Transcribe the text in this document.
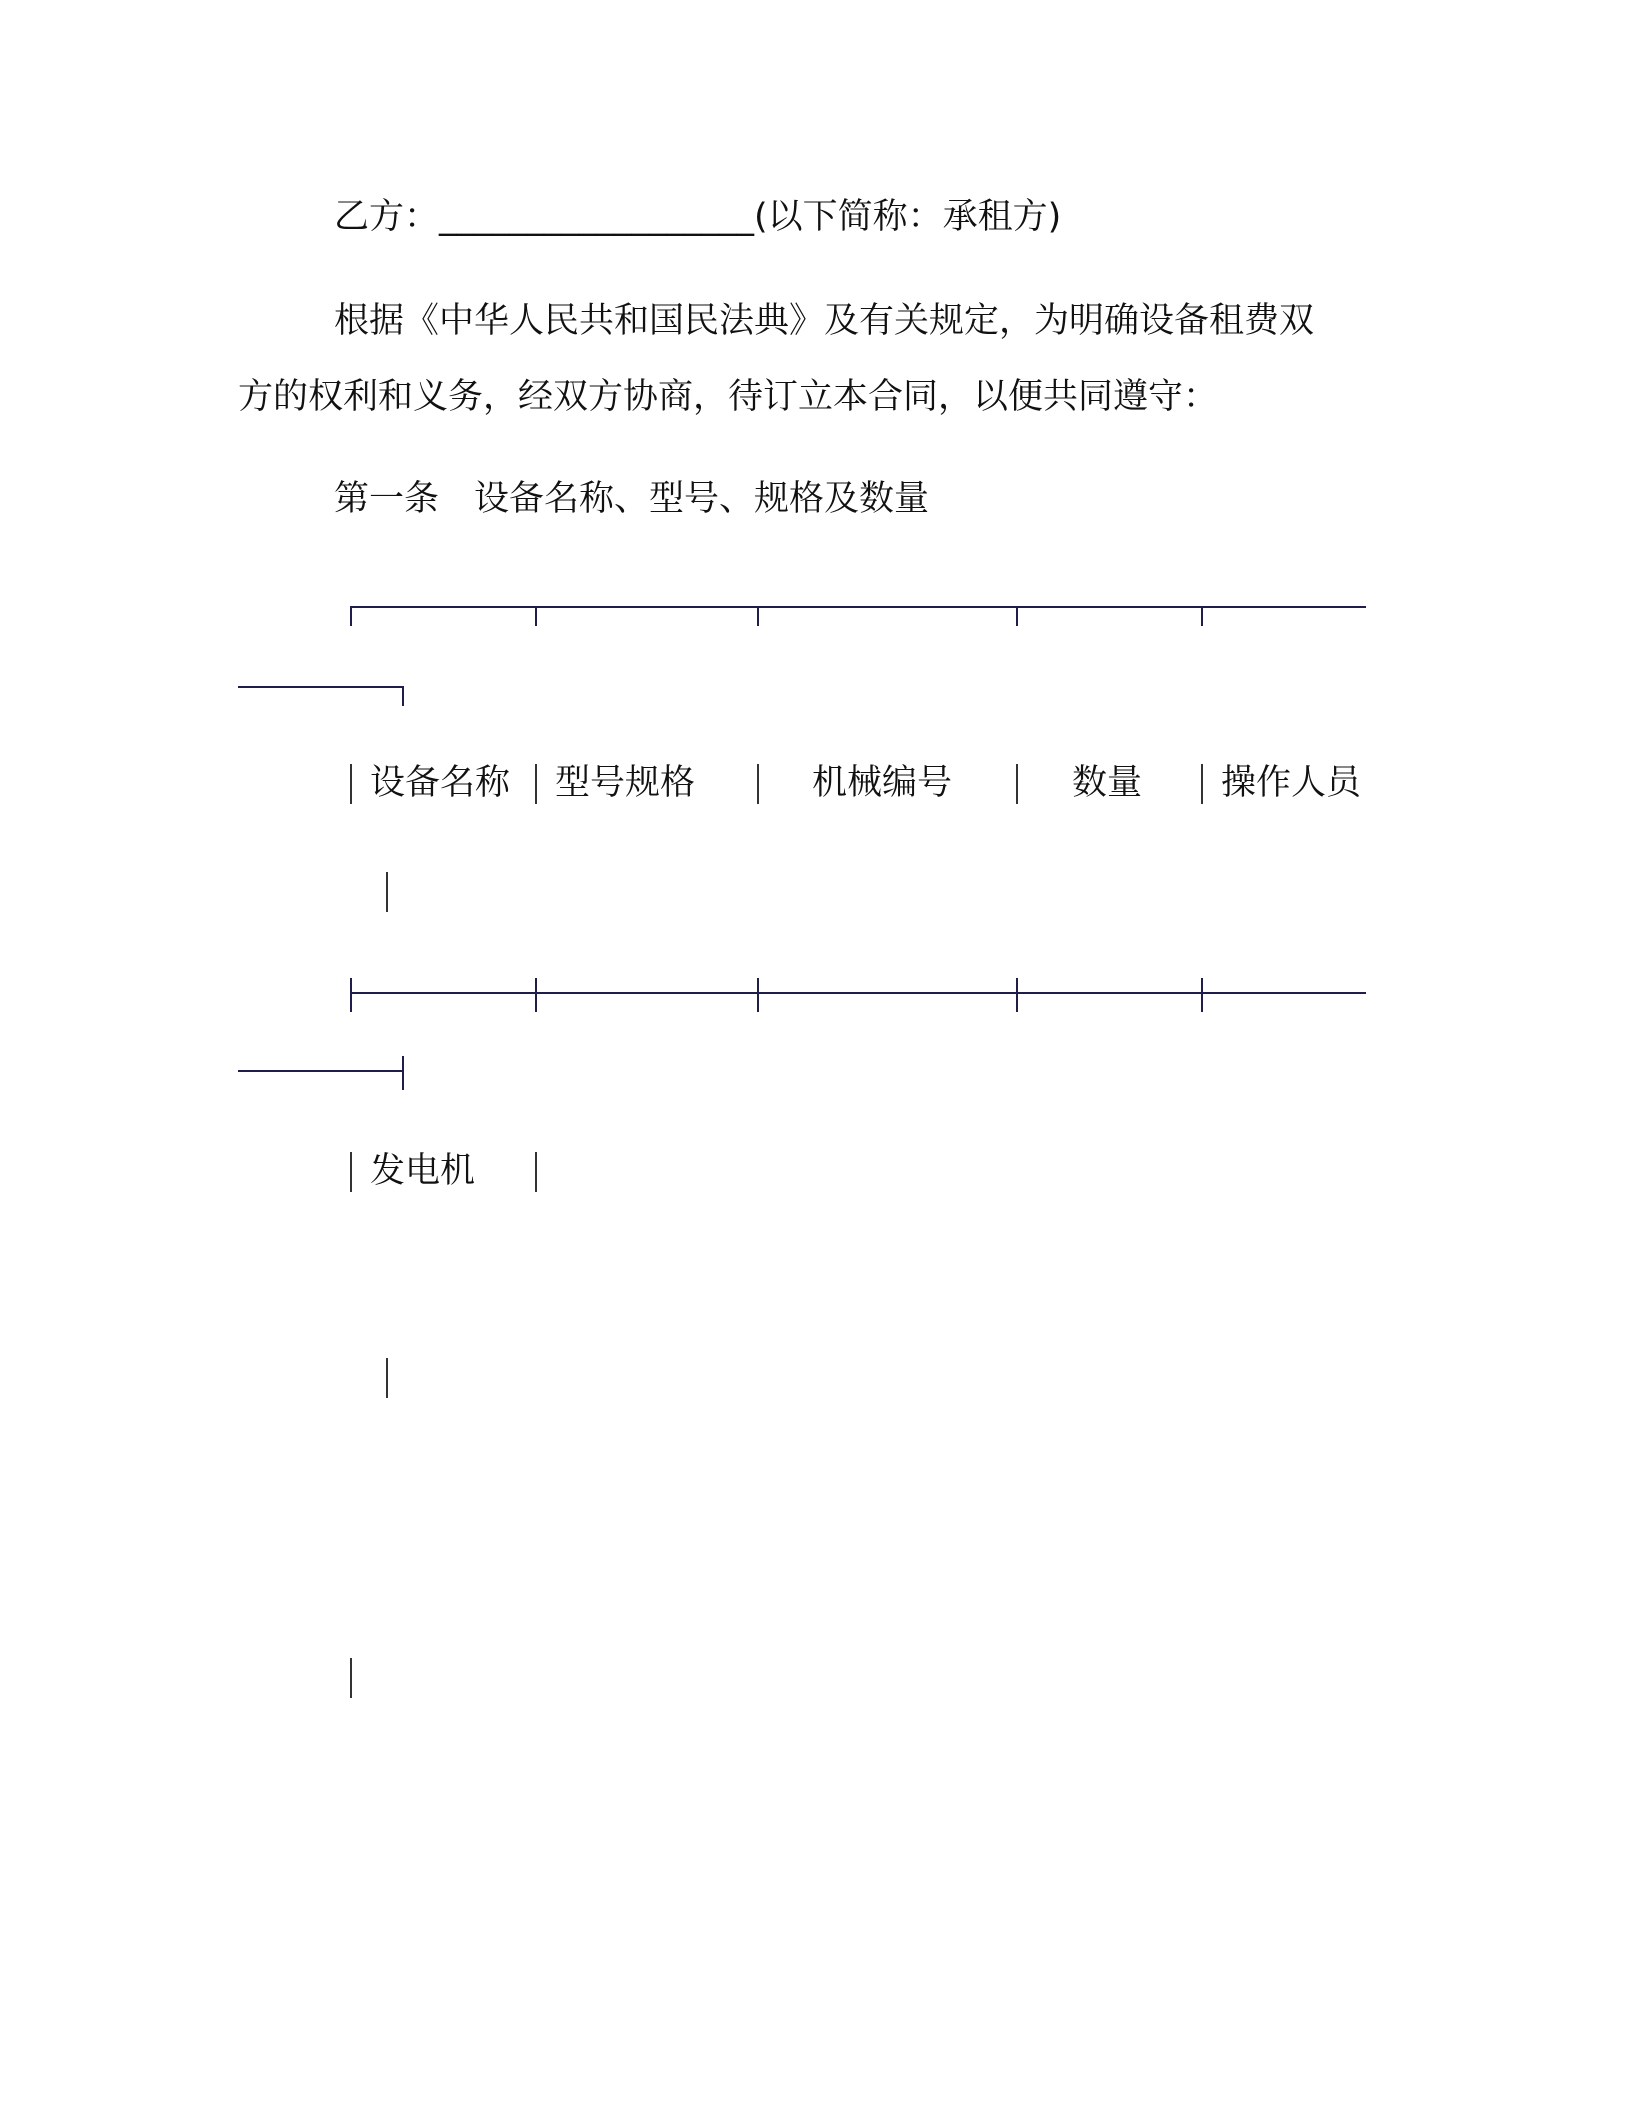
乙方：__________________(以下简称：承租方)
根据《中华人民共和国民法典》及有关规定，为明确设备租费双
方的权利和义务，经双方协商，待订立本合同，以便共同遵守：
第一条　设备名称、型号、规格及数量
设备名称 型号规格	机械编号	数量 操作人员
发电机
